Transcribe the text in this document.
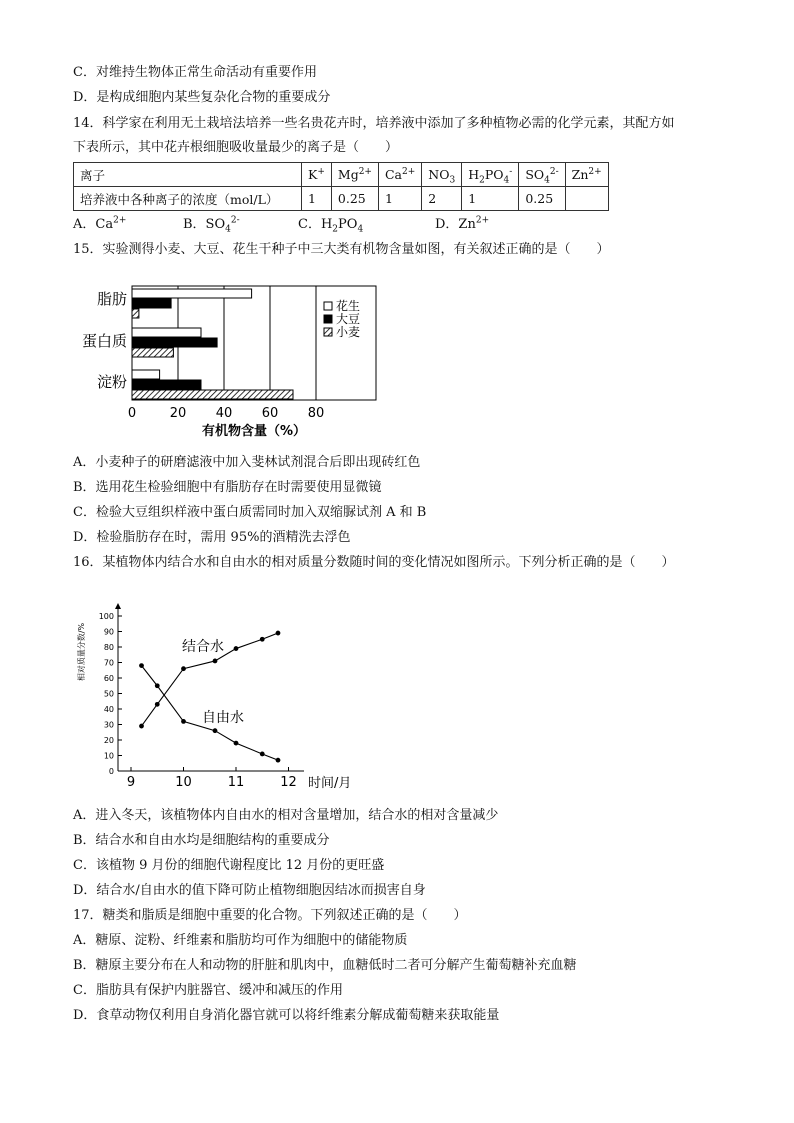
C．对维持生物体正常生命活动有重要作用
D．是构成细胞内某些复杂化合物的重要成分
14．科学家在利用无土栽培法培养一些名贵花卉时，培养液中添加了多种植物必需的化学元素，其配方如
下表所示，其中花卉根细胞吸收量最少的离子是（　　）
离子	K+	$Mg^{2+}$	$Ca^{2+}$	$NO_3$	$H_2PO_4^-$	$SO_4^{2-}$	$Zn^{2+}$
培养液中各种离子的浓度（mol/L）	1	0.25	1	2	1	0.25	
A．$Ca^{2+}$	B．$SO_4^{2-}$	C．$H_2PO_4$	D．$Zn^{2+}$
15．实验测得小麦、大豆、花生干种子中三大类有机物含量如图，有关叙述正确的是（　　）
脂肪
蛋白质
淀粉
0	20 40 60 80
花生
大豆
小麦
有机物含量（%）
A．小麦种子的研磨滤液中加入斐林试剂混合后即出现砖红色
B．选用花生检验细胞中有脂肪存在时需要使用显微镜
C．检验大豆组织样液中蛋白质需同时加入双缩脲试剂 A 和 B
D．检验脂肪存在时，需用 95%的酒精洗去浮色
16．某植物体内结合水和自由水的相对质量分数随时间的变化情况如图所示。下列分析正确的是（　　）
相对质量分数/%
0
10
20
30
40
50
60
70
80
90
100
9	10	11	12
结合水
自由水
时间/月
A．进入冬天，该植物体内自由水的相对含量增加，结合水的相对含量减少
B．结合水和自由水均是细胞结构的重要成分
C．该植物 9 月份的细胞代谢程度比 12 月份的更旺盛
D．结合水/自由水的值下降可防止植物细胞因结冰而损害自身
17．糖类和脂质是细胞中重要的化合物。下列叙述正确的是（　　）
A．糖原、淀粉、纤维素和脂肪均可作为细胞中的储能物质
B．糖原主要分布在人和动物的肝脏和肌肉中，血糖低时二者可分解产生葡萄糖补充血糖
C．脂肪具有保护内脏器官、缓冲和减压的作用
D．食草动物仅利用自身消化器官就可以将纤维素分解成葡萄糖来获取能量
